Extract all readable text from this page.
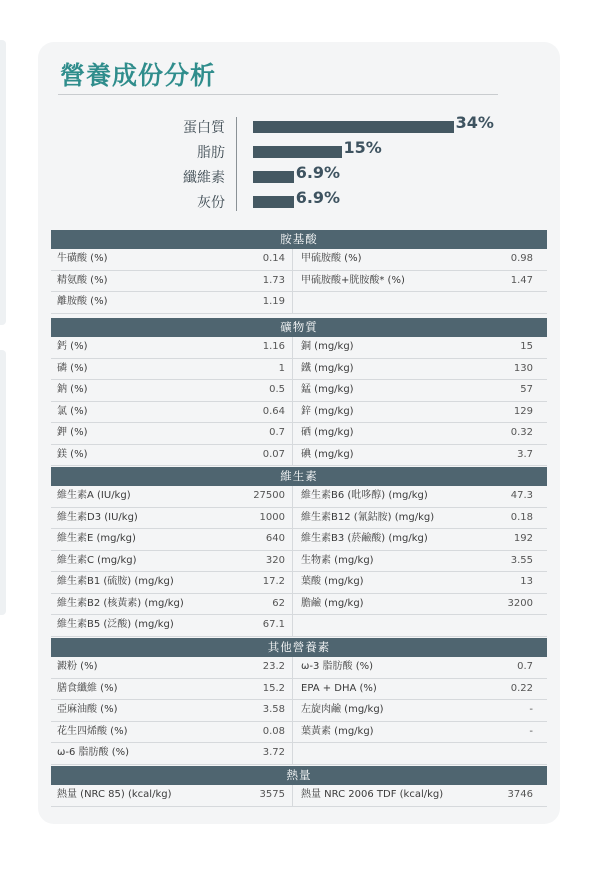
營養成份分析
蛋白質	34%
脂肪	15%
纖維素	6.9%
灰份	6.9%
胺基酸
牛磺酸 (%)	0.14 甲硫胺酸 (%)	0.98
精氨酸 (%)	1.73 甲硫胺酸+胱胺酸* (%)	1.47
離胺酸 (%)	1.19
礦物質
鈣 (%)	1.16 銅 (mg/kg)	15
磷 (%)	1 鐵 (mg/kg)	130
鈉 (%)	0.5 錳 (mg/kg)	57
氯 (%)	0.64 鋅 (mg/kg)	129
鉀 (%)	0.7 硒 (mg/kg)	0.32
鎂 (%)	0.07 碘 (mg/kg)	3.7
維生素
維生素A (IU/kg)	27500 維生素B6 (吡哆醇) (mg/kg)	47.3
維生素D3 (IU/kg)	1000 維生素B12 (氰鈷胺) (mg/kg)	0.18
維生素E (mg/kg)	640 維生素B3 (菸鹼酸) (mg/kg)	192
維生素C (mg/kg)	320 生物素 (mg/kg)	3.55
維生素B1 (硫胺) (mg/kg)	17.2 葉酸 (mg/kg)	13
維生素B2 (核黃素) (mg/kg)	62 膽鹼 (mg/kg)	3200
維生素B5 (泛酸) (mg/kg)	67.1
其他營養素
澱粉 (%)	23.2 ω-3 脂肪酸 (%)	0.7
膳食纖維 (%)	15.2 EPA + DHA (%)	0.22
亞麻油酸 (%)	3.58 左旋肉鹼 (mg/kg)	-
花生四烯酸 (%)	0.08 葉黃素 (mg/kg)	-
ω-6 脂肪酸 (%)	3.72
熱量
熱量 (NRC 85) (kcal/kg)	3575 熱量 NRC 2006 TDF (kcal/kg)	3746
